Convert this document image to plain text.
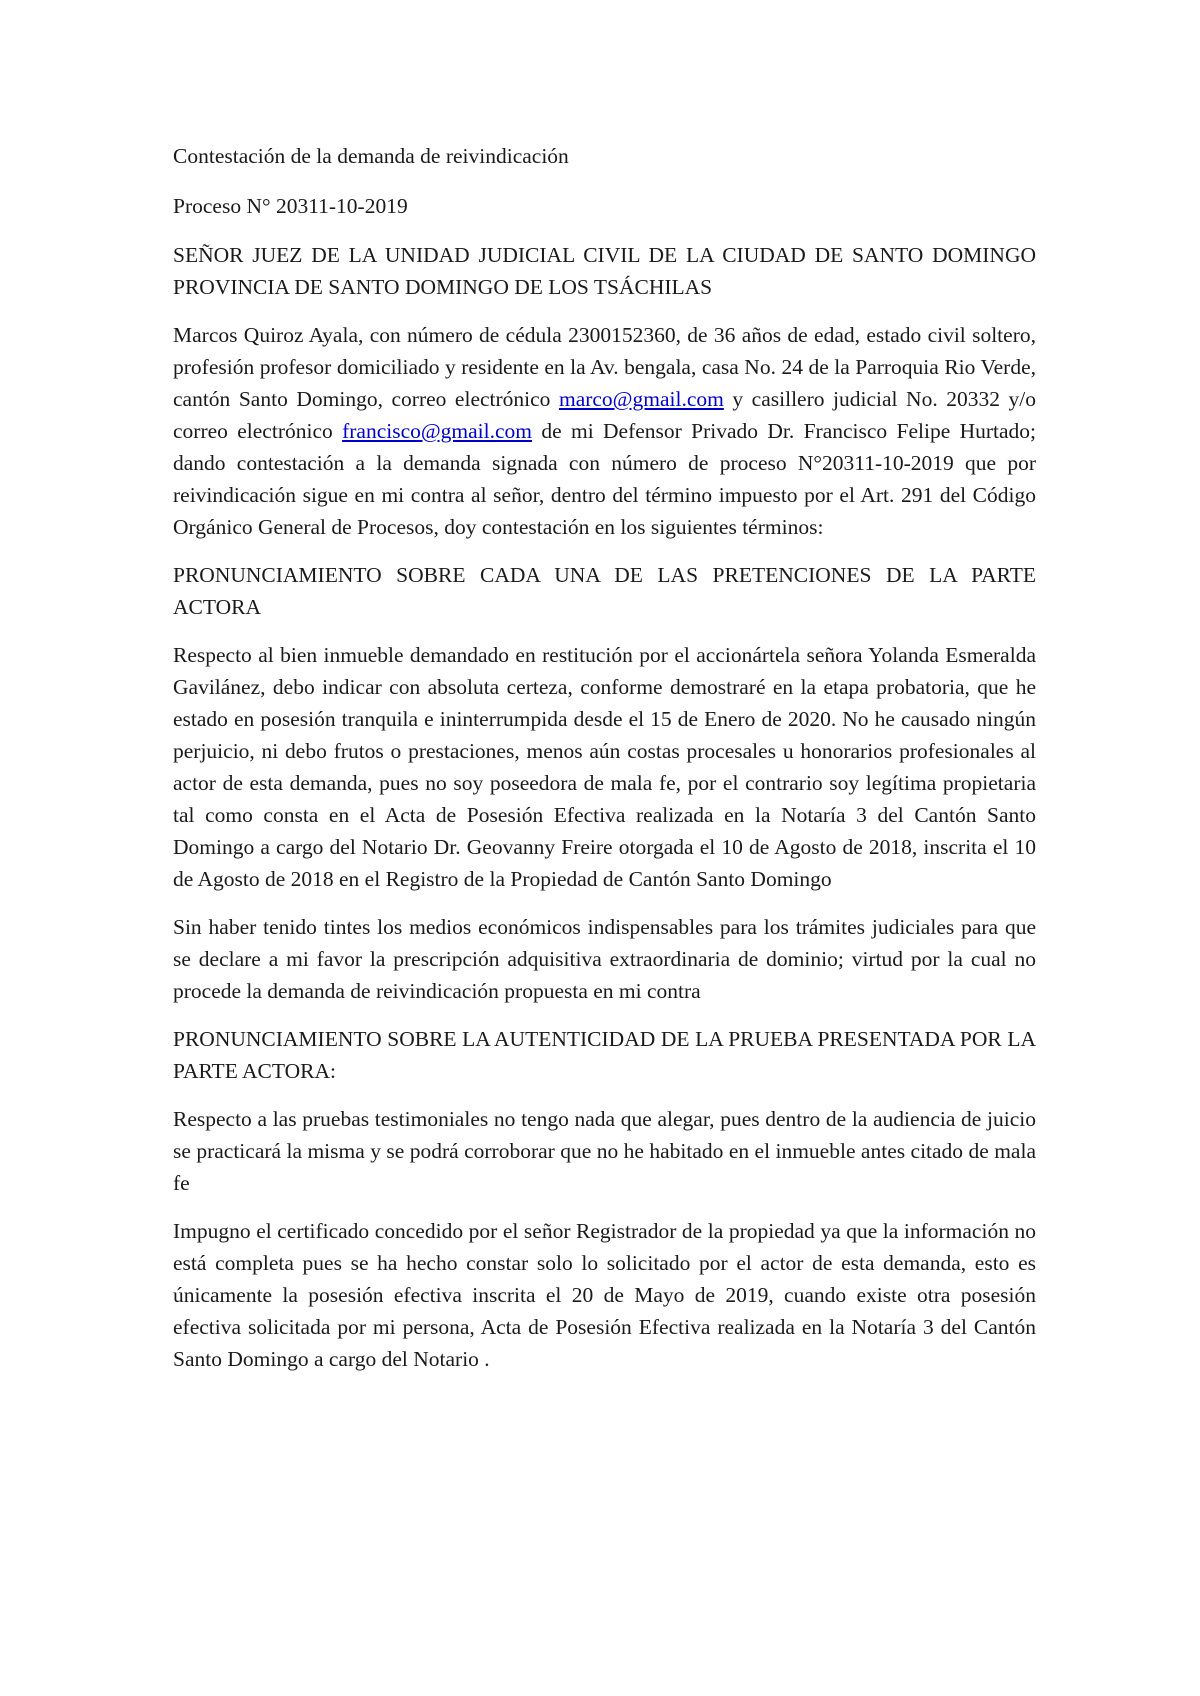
Contestación de la demanda de reivindicación

Proceso N° 20311-10-2019

SEÑOR JUEZ DE LA UNIDAD JUDICIAL CIVIL DE LA CIUDAD DE SANTO DOMINGO PROVINCIA DE SANTO DOMINGO DE LOS TSÁCHILAS

Marcos Quiroz Ayala, con número de cédula 2300152360, de 36 años de edad, estado civil soltero, profesión profesor domiciliado y residente en la Av. bengala, casa No. 24 de la Parroquia Rio Verde, cantón Santo Domingo, correo electrónico marco@gmail.com y casillero judicial No. 20332 y/o correo electrónico francisco@gmail.com de mi Defensor Privado Dr. Francisco Felipe Hurtado; dando contestación a la demanda signada con número de proceso N°20311-10-2019 que por reivindicación sigue en mi contra al señor, dentro del término impuesto por el Art. 291 del Código Orgánico General de Procesos, doy contestación en los siguientes términos:

PRONUNCIAMIENTO SOBRE CADA UNA DE LAS PRETENCIONES DE LA PARTE ACTORA

Respecto al bien inmueble demandado en restitución por el accionártela señora Yolanda Esmeralda Gavilánez, debo indicar con absoluta certeza, conforme demostraré en la etapa probatoria, que he estado en posesión tranquila e ininterrumpida desde el 15 de Enero de 2020. No he causado ningún perjuicio, ni debo frutos o prestaciones, menos aún costas procesales u honorarios profesionales al actor de esta demanda, pues no soy poseedora de mala fe, por el contrario soy legítima propietaria tal como consta en el Acta de Posesión Efectiva realizada en la Notaría 3 del Cantón Santo Domingo a cargo del Notario Dr. Geovanny Freire otorgada el 10 de Agosto de 2018, inscrita el 10 de Agosto de 2018 en el Registro de la Propiedad de Cantón Santo Domingo

Sin haber tenido tintes los medios económicos indispensables para los trámites judiciales para que se declare a mi favor la prescripción adquisitiva extraordinaria de dominio; virtud por la cual no procede la demanda de reivindicación propuesta en mi contra

PRONUNCIAMIENTO SOBRE LA AUTENTICIDAD DE LA PRUEBA PRESENTADA POR LA PARTE ACTORA:

Respecto a las pruebas testimoniales no tengo nada que alegar, pues dentro de la audiencia de juicio se practicará la misma y se podrá corroborar que no he habitado en el inmueble antes citado de mala fe

Impugno el certificado concedido por el señor Registrador de la propiedad ya que la información no está completa pues se ha hecho constar solo lo solicitado por el actor de esta demanda, esto es únicamente la posesión efectiva inscrita el 20 de Mayo de 2019, cuando existe otra posesión efectiva solicitada por mi persona, Acta de Posesión Efectiva realizada en la Notaría 3 del Cantón Santo Domingo a cargo del Notario .
